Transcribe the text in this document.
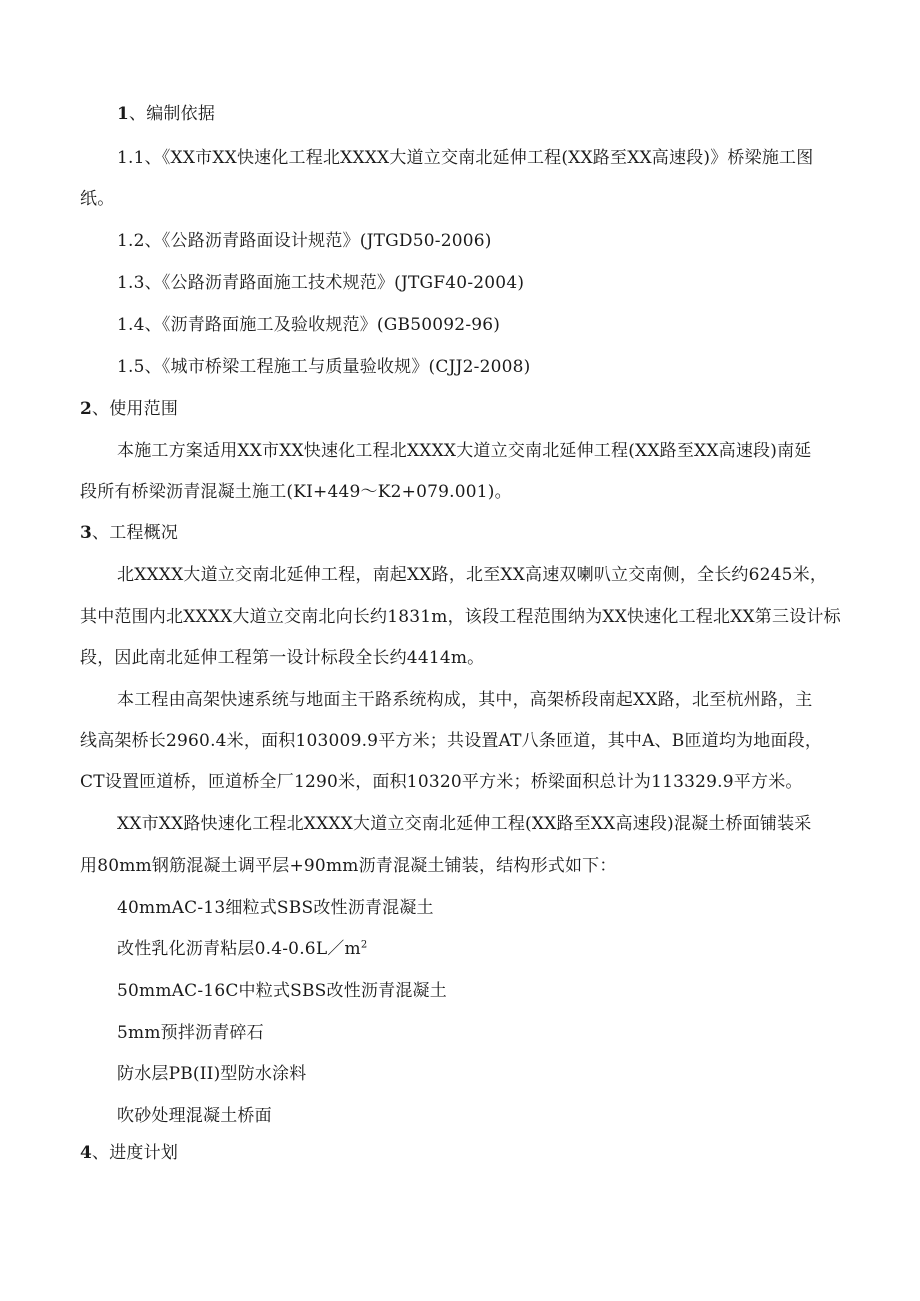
1、编制依据
1.1、《XX市XX快速化工程北XXXX大道立交南北延伸工程(XX路至XX高速段)》桥梁施工图
纸。
1.2、《公路沥青路面设计规范》(JTGD50-2006)
1.3、《公路沥青路面施工技术规范》(JTGF40-2004)
1.4、《沥青路面施工及验收规范》(GB50092-96)
1.5、《城市桥梁工程施工与质量验收规》(CJJ2-2008)
2、使用范围
本施工方案适用XX市XX快速化工程北XXXX大道立交南北延伸工程(XX路至XX高速段)南延
段所有桥梁沥青混凝土施工(KI+449～K2+079.001)。
3、工程概况
北XXXX大道立交南北延伸工程，南起XX路，北至XX高速双喇叭立交南侧，全长约6245米，
其中范围内北XXXX大道立交南北向长约1831m，该段工程范围纳为XX快速化工程北XX第三设计标
段，因此南北延伸工程第一设计标段全长约4414m。
本工程由高架快速系统与地面主干路系统构成，其中，高架桥段南起XX路，北至杭州路，主
线高架桥长2960.4米，面积103009.9平方米；共设置AT八条匝道，其中A、B匝道均为地面段，
CT设置匝道桥，匝道桥全厂1290米，面积10320平方米；桥梁面积总计为113329.9平方米。
XX市XX路快速化工程北XXXX大道立交南北延伸工程(XX路至XX高速段)混凝土桥面铺装采
用80mm钢筋混凝土调平层+90mm沥青混凝土铺装，结构形式如下：
40mmAC-13细粒式SBS改性沥青混凝土
改性乳化沥青粘层$0.4-0.6L/m^2$
50mmAC-16C中粒式SBS改性沥青混凝土
5mm预拌沥青碎石
防水层PB(II)型防水涂料
吹砂处理混凝土桥面
4、进度计划
